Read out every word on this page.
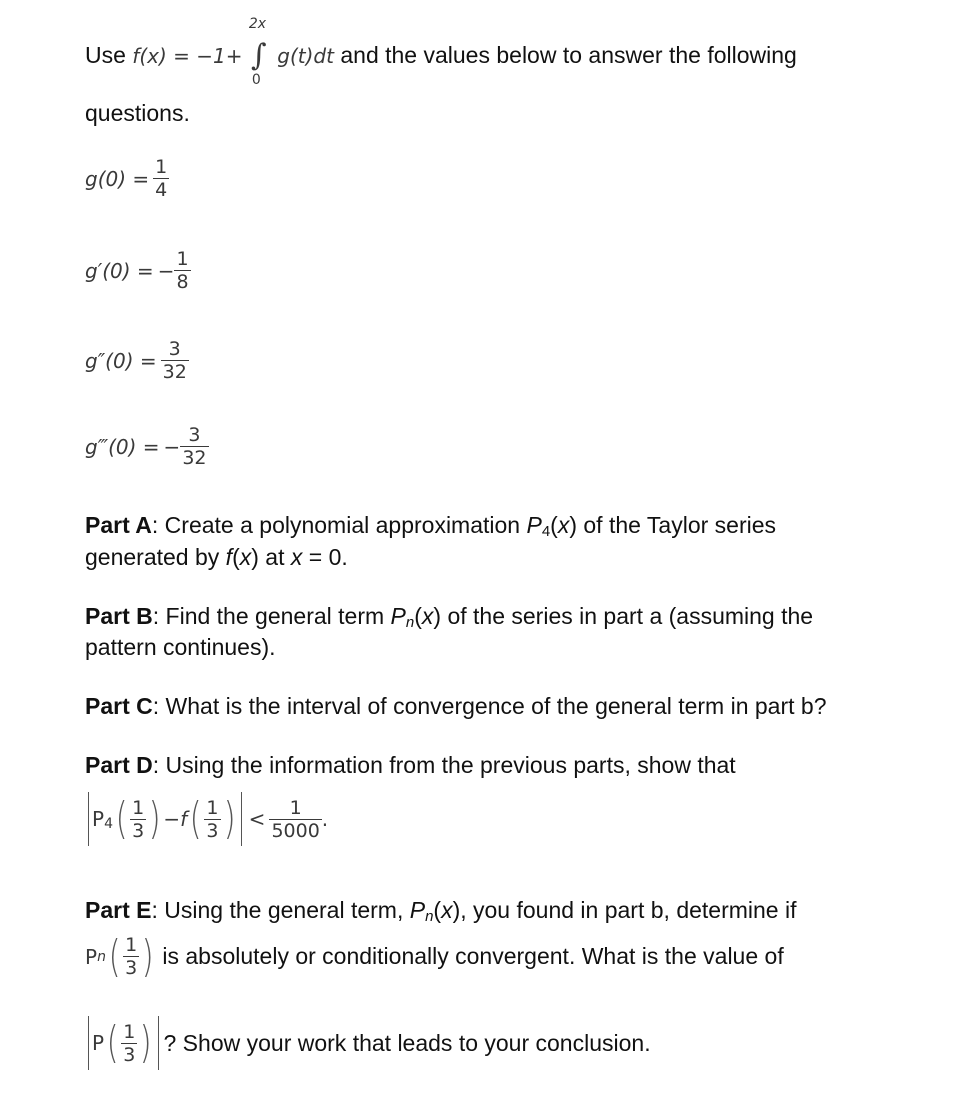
Use f(x) = −1+
2x
∫
0
g(t)dt and the values below to answer the following
questions.
$g(0) = \frac{1}{4}$
g′(0) = − $\frac{1}{8}$
$g''(0) = \frac{3}{32}$
g‴(0) = − $\frac{3}{32}$
Part A: Create a polynomial approximation $P_4(x)$ of the Taylor series
generated by f(x) at x = 0.
Part B: Find the general term $P_n(x)$ of the series in part a (assuming the
pattern continues).
Part C: What is the interval of convergence of the general term in part b?
Part D: Using the information from the previous parts, show that
P 4 ( $\frac{1}{3}$ ) −f ( $\frac{1}{3}$ ) < $\frac{1}{5000}$ .
Part E: Using the general term, $P_n(x)$, you found in part b, determine if
P n ( $\frac{1}{3}$ ) is absolutely or conditionally convergent. What is the value of
P ( $\frac{1}{3}$ ) ? Show your work that leads to your conclusion.
